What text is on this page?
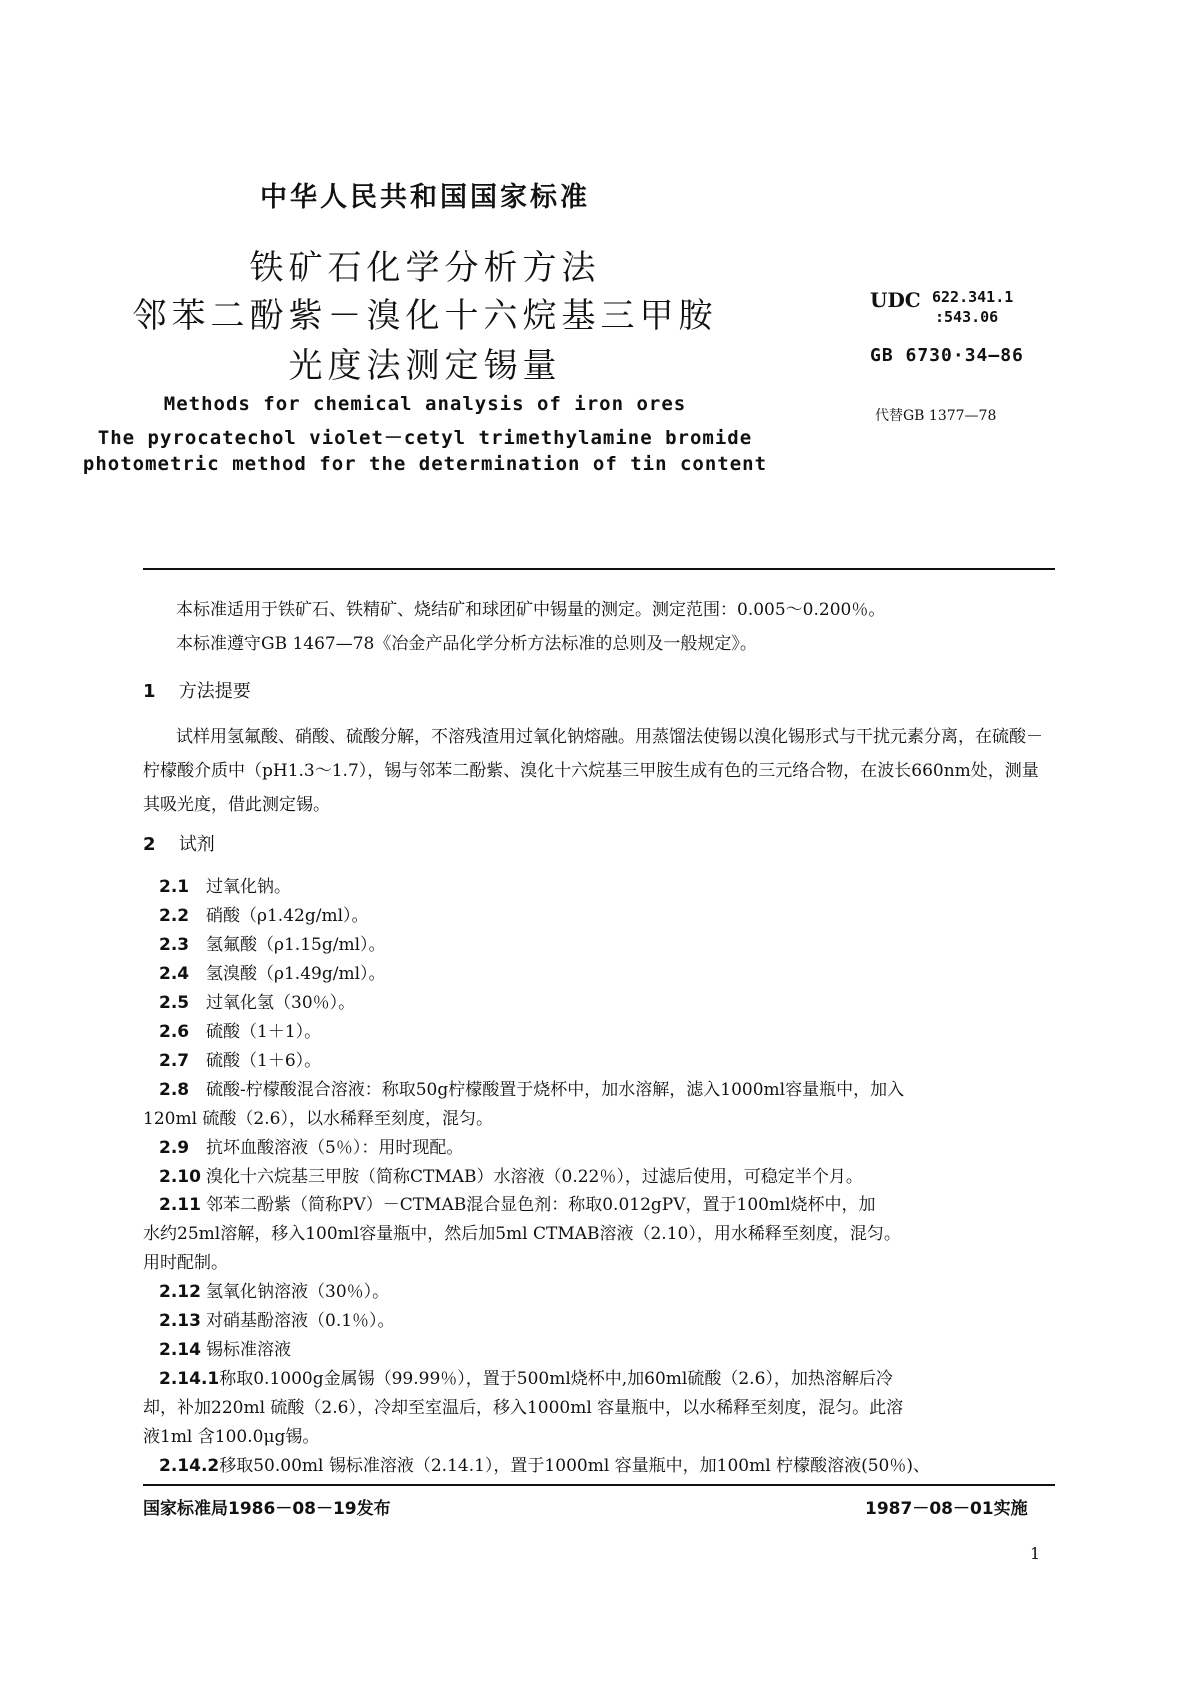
中华人民共和国国家标准
铁矿石化学分析方法
邻苯二酚紫－溴化十六烷基三甲胺
光度法测定锡量
Methods for chemical analysis of iron ores
The pyrocatechol violet－cetyl trimethylamine bromide
photometric method for the determination of tin content
UDC 622.341.1
:543.06
GB 6730·34—86
代替GB 1377—78
本标准适用于铁矿石、铁精矿、烧结矿和球团矿中锡量的测定。测定范围：0.005～0.200％。
本标准遵守GB 1467—78《冶金产品化学分析方法标准的总则及一般规定》。
1 方法提要
试样用氢氟酸、硝酸、硫酸分解，不溶残渣用过氧化钠熔融。用蒸馏法使锡以溴化锡形式与干扰元素分离，在硫酸－柠檬酸介质中（pH1.3～1.7），锡与邻苯二酚紫、溴化十六烷基三甲胺生成有色的三元络合物，在波长660nm处，测量其吸光度，借此测定锡。
2 试剂
2.1 过氧化钠。
2.2 硝酸（ρ1.42g/ml）。
2.3 氢氟酸（ρ1.15g/ml）。
2.4 氢溴酸（ρ1.49g/ml）。
2.5 过氧化氢（30％）。
2.6 硫酸（1＋1）。
2.7 硫酸（1＋6）。
2.8 硫酸-柠檬酸混合溶液：称取50g柠檬酸置于烧杯中，加水溶解，滤入1000ml容量瓶中，加入
120ml 硫酸（2.6），以水稀释至刻度，混匀。
2.9 抗坏血酸溶液（5％）：用时现配。
2.10 溴化十六烷基三甲胺（简称CTMAB）水溶液（0.22％），过滤后使用，可稳定半个月。
2.11 邻苯二酚紫（简称PV）－CTMAB混合显色剂：称取0.012gPV，置于100ml烧杯中，加
水约25ml溶解，移入100ml容量瓶中，然后加5ml CTMAB溶液（2.10），用水稀释至刻度，混匀。
用时配制。
2.12 氢氧化钠溶液（30％）。
2.13 对硝基酚溶液（0.1％）。
2.14 锡标准溶液
国家标准局1986－08－19发布	1987－08－01实施
1
2.14.1称取0.1000g金属锡（99.99％），置于500ml烧杯中,加60ml硫酸（2.6），加热溶解后冷
却，补加220ml 硫酸（2.6），冷却至室温后，移入1000ml 容量瓶中，以水稀释至刻度，混匀。此溶
液1ml 含100.0μg锡。
2.14.2移取50.00ml 锡标准溶液（2.14.1），置于1000ml 容量瓶中，加100ml 柠檬酸溶液(50％)、
